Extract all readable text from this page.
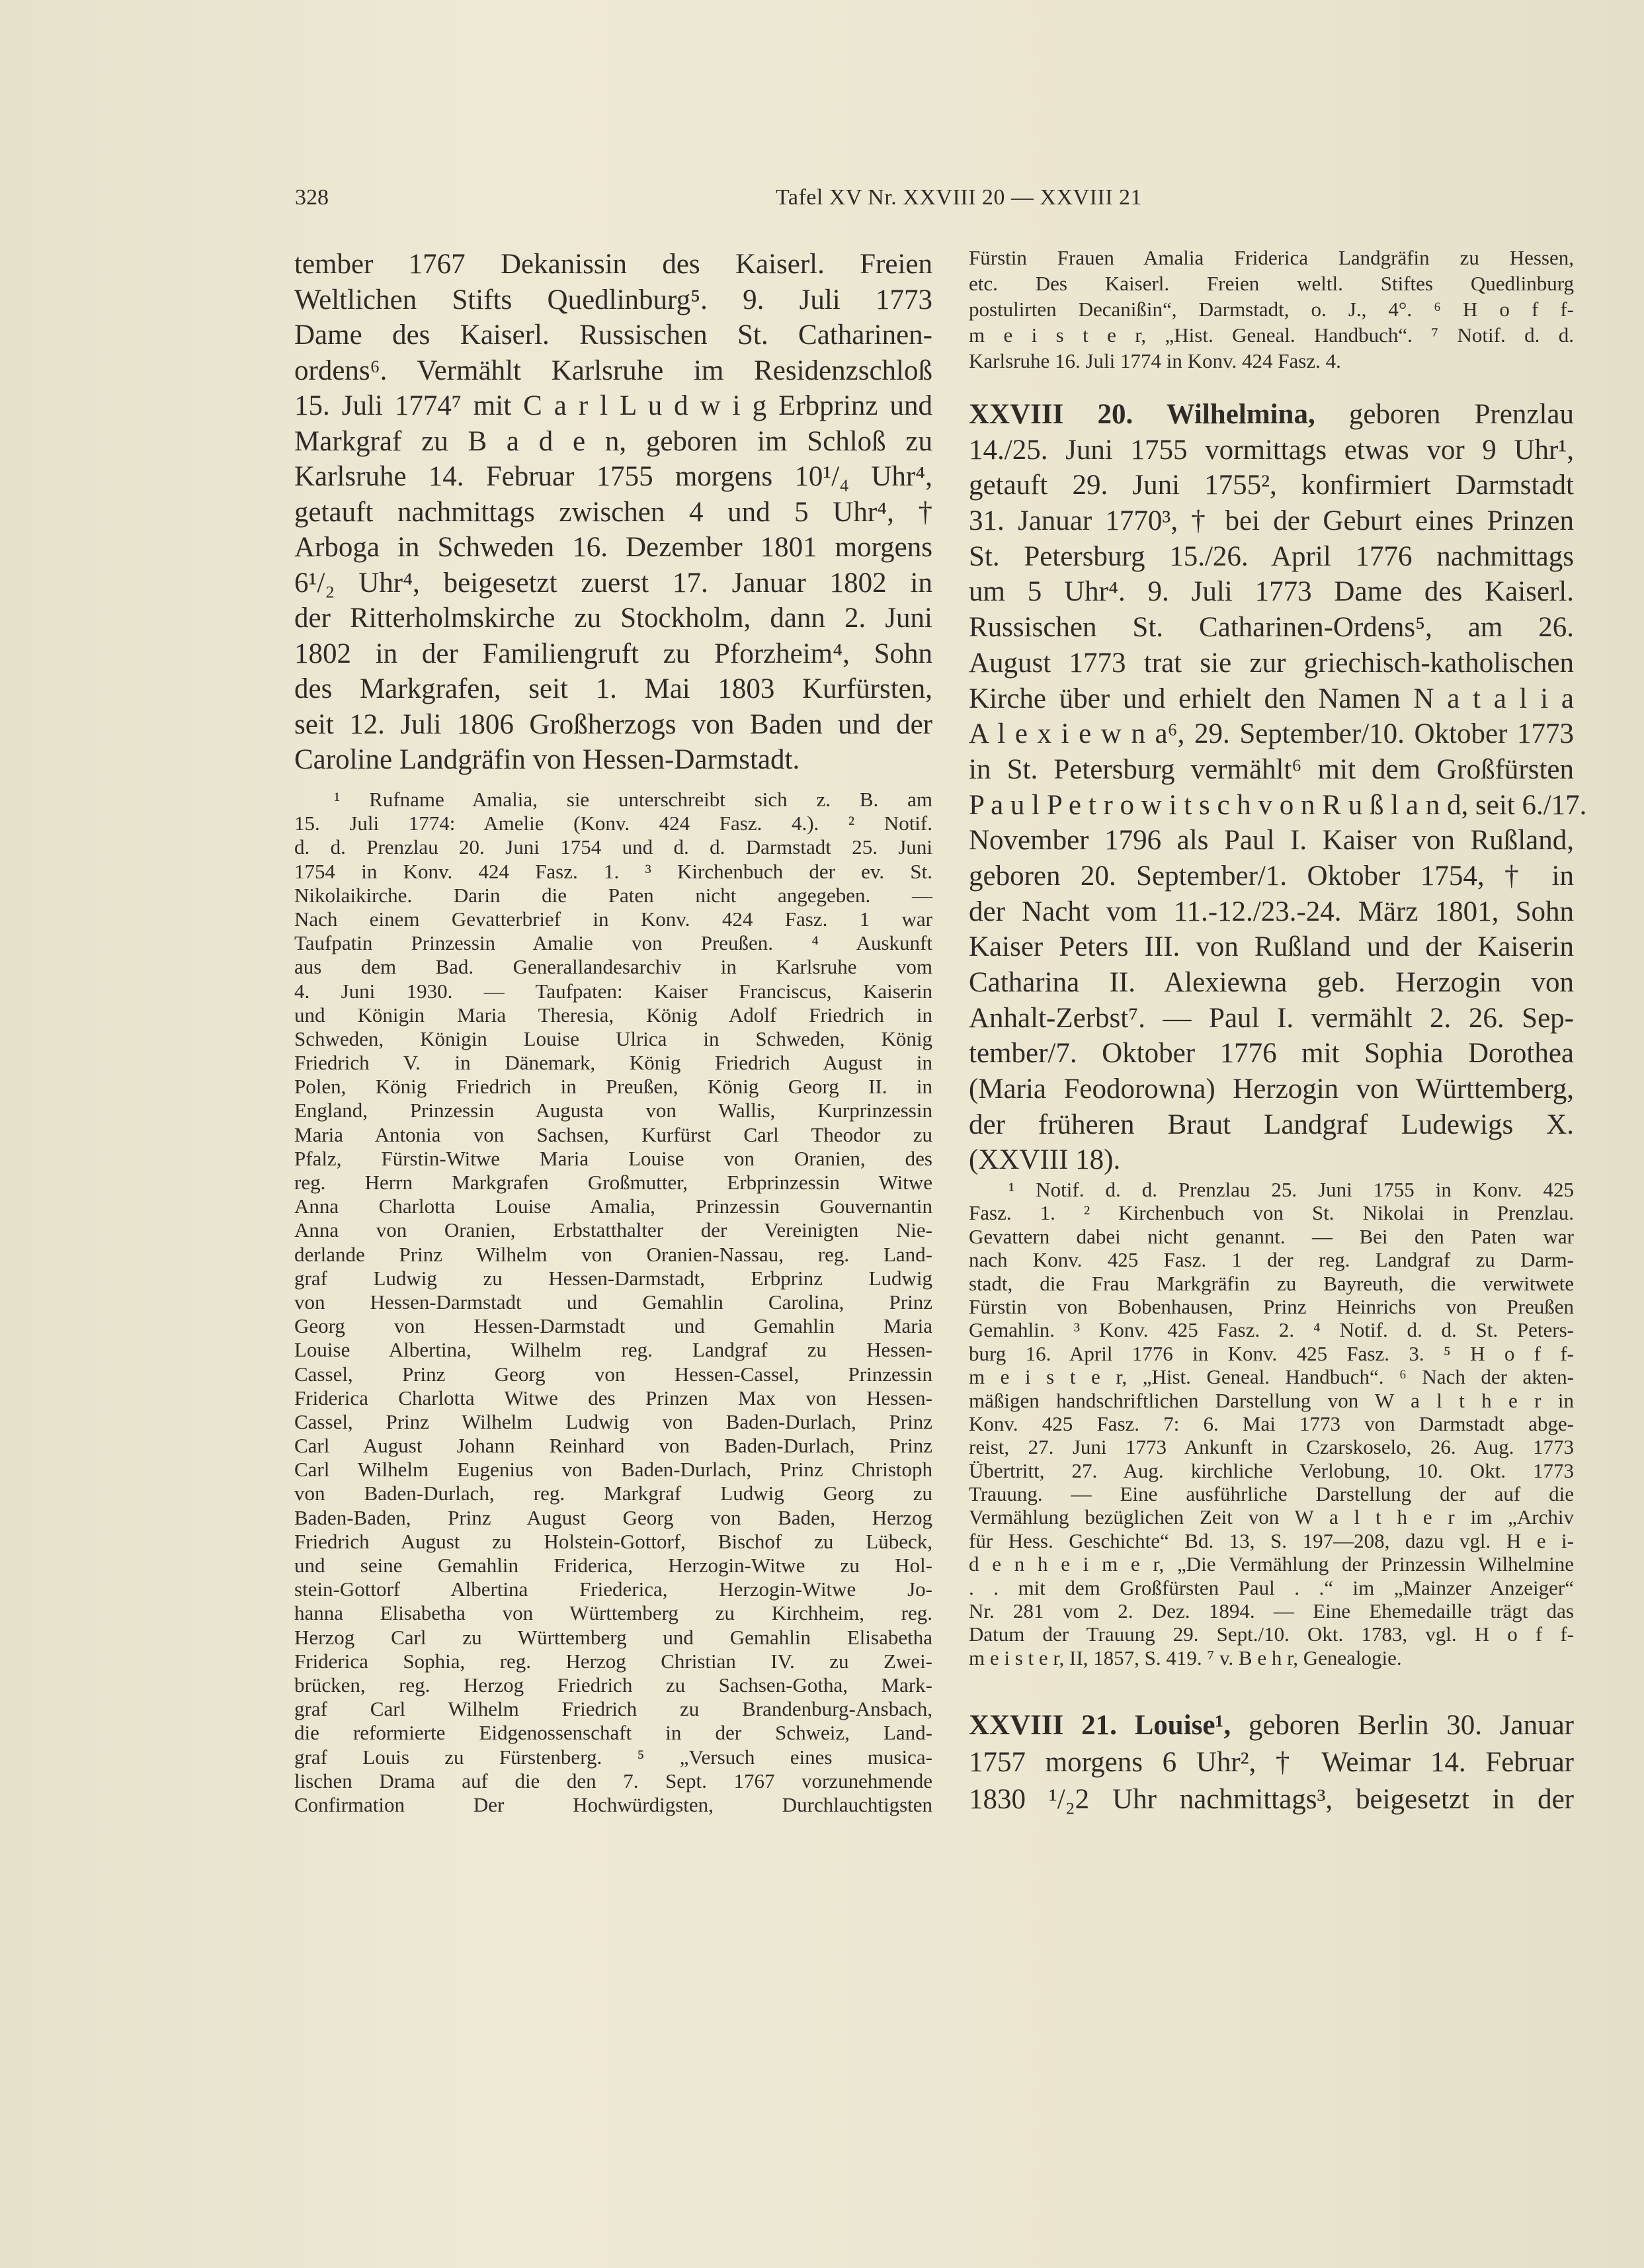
328	Tafel XV Nr. XXVIII 20 — XXVIII 21
tember 1767 Dekanissin des Kaiserl. Freien
Weltlichen Stifts Quedlinburg⁵. 9. Juli 1773
Dame des Kaiserl. Russischen St. Catharinen-
ordens⁶. Vermählt Karlsruhe im Residenzschloß
15. Juli 1774⁷ mit C a r l L u d w i g Erbprinz und
Markgraf zu B a d e n, geboren im Schloß zu
Karlsruhe 14. Februar 1755 morgens 10¹/₄ Uhr⁴,
getauft nachmittags zwischen 4 und 5 Uhr⁴, †
Arboga in Schweden 16. Dezember 1801 morgens
6¹/₂ Uhr⁴, beigesetzt zuerst 17. Januar 1802 in
der Ritterholmskirche zu Stockholm, dann 2. Juni
1802 in der Familiengruft zu Pforzheim⁴, Sohn
des Markgrafen, seit 1. Mai 1803 Kurfürsten,
seit 12. Juli 1806 Großherzogs von Baden und der
Caroline Landgräfin von Hessen-Darmstadt.
¹ Rufname Amalia, sie unterschreibt sich z. B. am
15. Juli 1774: Amelie (Konv. 424 Fasz. 4.). ² Notif.
d. d. Prenzlau 20. Juni 1754 und d. d. Darmstadt 25. Juni
1754 in Konv. 424 Fasz. 1. ³ Kirchenbuch der ev. St.
Nikolaikirche. Darin die Paten nicht angegeben. —
Nach einem Gevatterbrief in Konv. 424 Fasz. 1 war
Taufpatin Prinzessin Amalie von Preußen. ⁴ Auskunft
aus dem Bad. Generallandesarchiv in Karlsruhe vom
4. Juni 1930. — Taufpaten: Kaiser Franciscus, Kaiserin
und Königin Maria Theresia, König Adolf Friedrich in
Schweden, Königin Louise Ulrica in Schweden, König
Friedrich V. in Dänemark, König Friedrich August in
Polen, König Friedrich in Preußen, König Georg II. in
England, Prinzessin Augusta von Wallis, Kurprinzessin
Maria Antonia von Sachsen, Kurfürst Carl Theodor zu
Pfalz, Fürstin-Witwe Maria Louise von Oranien, des
reg. Herrn Markgrafen Großmutter, Erbprinzessin Witwe
Anna Charlotta Louise Amalia, Prinzessin Gouvernantin
Anna von Oranien, Erbstatthalter der Vereinigten Nie-
derlande Prinz Wilhelm von Oranien-Nassau, reg. Land-
graf Ludwig zu Hessen-Darmstadt, Erbprinz Ludwig
von Hessen-Darmstadt und Gemahlin Carolina, Prinz
Georg von Hessen-Darmstadt und Gemahlin Maria
Louise Albertina, Wilhelm reg. Landgraf zu Hessen-
Cassel, Prinz Georg von Hessen-Cassel, Prinzessin
Friderica Charlotta Witwe des Prinzen Max von Hessen-
Cassel, Prinz Wilhelm Ludwig von Baden-Durlach, Prinz
Carl August Johann Reinhard von Baden-Durlach, Prinz
Carl Wilhelm Eugenius von Baden-Durlach, Prinz Christoph
von Baden-Durlach, reg. Markgraf Ludwig Georg zu
Baden-Baden, Prinz August Georg von Baden, Herzog
Friedrich August zu Holstein-Gottorf, Bischof zu Lübeck,
und seine Gemahlin Friderica, Herzogin-Witwe zu Hol-
stein-Gottorf Albertina Friederica, Herzogin-Witwe Jo-
hanna Elisabetha von Württemberg zu Kirchheim, reg.
Herzog Carl zu Württemberg und Gemahlin Elisabetha
Friderica Sophia, reg. Herzog Christian IV. zu Zwei-
brücken, reg. Herzog Friedrich zu Sachsen-Gotha, Mark-
graf Carl Wilhelm Friedrich zu Brandenburg-Ansbach,
die reformierte Eidgenossenschaft in der Schweiz, Land-
graf Louis zu Fürstenberg. ⁵ „Versuch eines musica-
lischen Drama auf die den 7. Sept. 1767 vorzunehmende
Confirmation Der Hochwürdigsten, Durchlauchtigsten
Fürstin Frauen Amalia Friderica Landgräfin zu Hessen,
etc. Des Kaiserl. Freien weltl. Stiftes Quedlinburg
postulirten Decanißin“, Darmstadt, o. J., 4°. ⁶ H o f f-
m e i s t e r, „Hist. Geneal. Handbuch“. ⁷ Notif. d. d.
Karlsruhe 16. Juli 1774 in Konv. 424 Fasz. 4.
XXVIII 20. Wilhelmina, geboren Prenzlau
14./25. Juni 1755 vormittags etwas vor 9 Uhr¹,
getauft 29. Juni 1755², konfirmiert Darmstadt
31. Januar 1770³, † bei der Geburt eines Prinzen
St. Petersburg 15./26. April 1776 nachmittags
um 5 Uhr⁴. 9. Juli 1773 Dame des Kaiserl.
Russischen St. Catharinen-Ordens⁵, am 26.
August 1773 trat sie zur griechisch-katholischen
Kirche über und erhielt den Namen N a t a l i a
A l e x i e w n a⁶, 29. September/10. Oktober 1773
in St. Petersburg vermählt⁶ mit dem Großfürsten
P a u l P e t r o w i t s c h v o n R u ß l a n d, seit 6./17.
November 1796 als Paul I. Kaiser von Rußland,
geboren 20. September/1. Oktober 1754, † in
der Nacht vom 11.-12./23.-24. März 1801, Sohn
Kaiser Peters III. von Rußland und der Kaiserin
Catharina II. Alexiewna geb. Herzogin von
Anhalt-Zerbst⁷. — Paul I. vermählt 2. 26. Sep-
tember/7. Oktober 1776 mit Sophia Dorothea
(Maria Feodorowna) Herzogin von Württemberg,
der früheren Braut Landgraf Ludewigs X.
(XXVIII 18).
¹ Notif. d. d. Prenzlau 25. Juni 1755 in Konv. 425
Fasz. 1. ² Kirchenbuch von St. Nikolai in Prenzlau.
Gevattern dabei nicht genannt. — Bei den Paten war
nach Konv. 425 Fasz. 1 der reg. Landgraf zu Darm-
stadt, die Frau Markgräfin zu Bayreuth, die verwitwete
Fürstin von Bobenhausen, Prinz Heinrichs von Preußen
Gemahlin. ³ Konv. 425 Fasz. 2. ⁴ Notif. d. d. St. Peters-
burg 16. April 1776 in Konv. 425 Fasz. 3. ⁵ H o f f-
m e i s t e r, „Hist. Geneal. Handbuch“. ⁶ Nach der akten-
mäßigen handschriftlichen Darstellung von W a l t h e r in
Konv. 425 Fasz. 7: 6. Mai 1773 von Darmstadt abge-
reist, 27. Juni 1773 Ankunft in Czarskoselo, 26. Aug. 1773
Übertritt, 27. Aug. kirchliche Verlobung, 10. Okt. 1773
Trauung. — Eine ausführliche Darstellung der auf die
Vermählung bezüglichen Zeit von W a l t h e r im „Archiv
für Hess. Geschichte“ Bd. 13, S. 197—208, dazu vgl. H e i-
d e n h e i m e r, „Die Vermählung der Prinzessin Wilhelmine
. . mit dem Großfürsten Paul . .“ im „Mainzer Anzeiger“
Nr. 281 vom 2. Dez. 1894. — Eine Ehemedaille trägt das
Datum der Trauung 29. Sept./10. Okt. 1783, vgl. H o f f-
m e i s t e r, II, 1857, S. 419. ⁷ v. B e h r, Genealogie.
XXVIII 21. Louise¹, geboren Berlin 30. Januar
1757 morgens 6 Uhr², † Weimar 14. Februar
1830 ¹/₂2 Uhr nachmittags³, beigesetzt in der
